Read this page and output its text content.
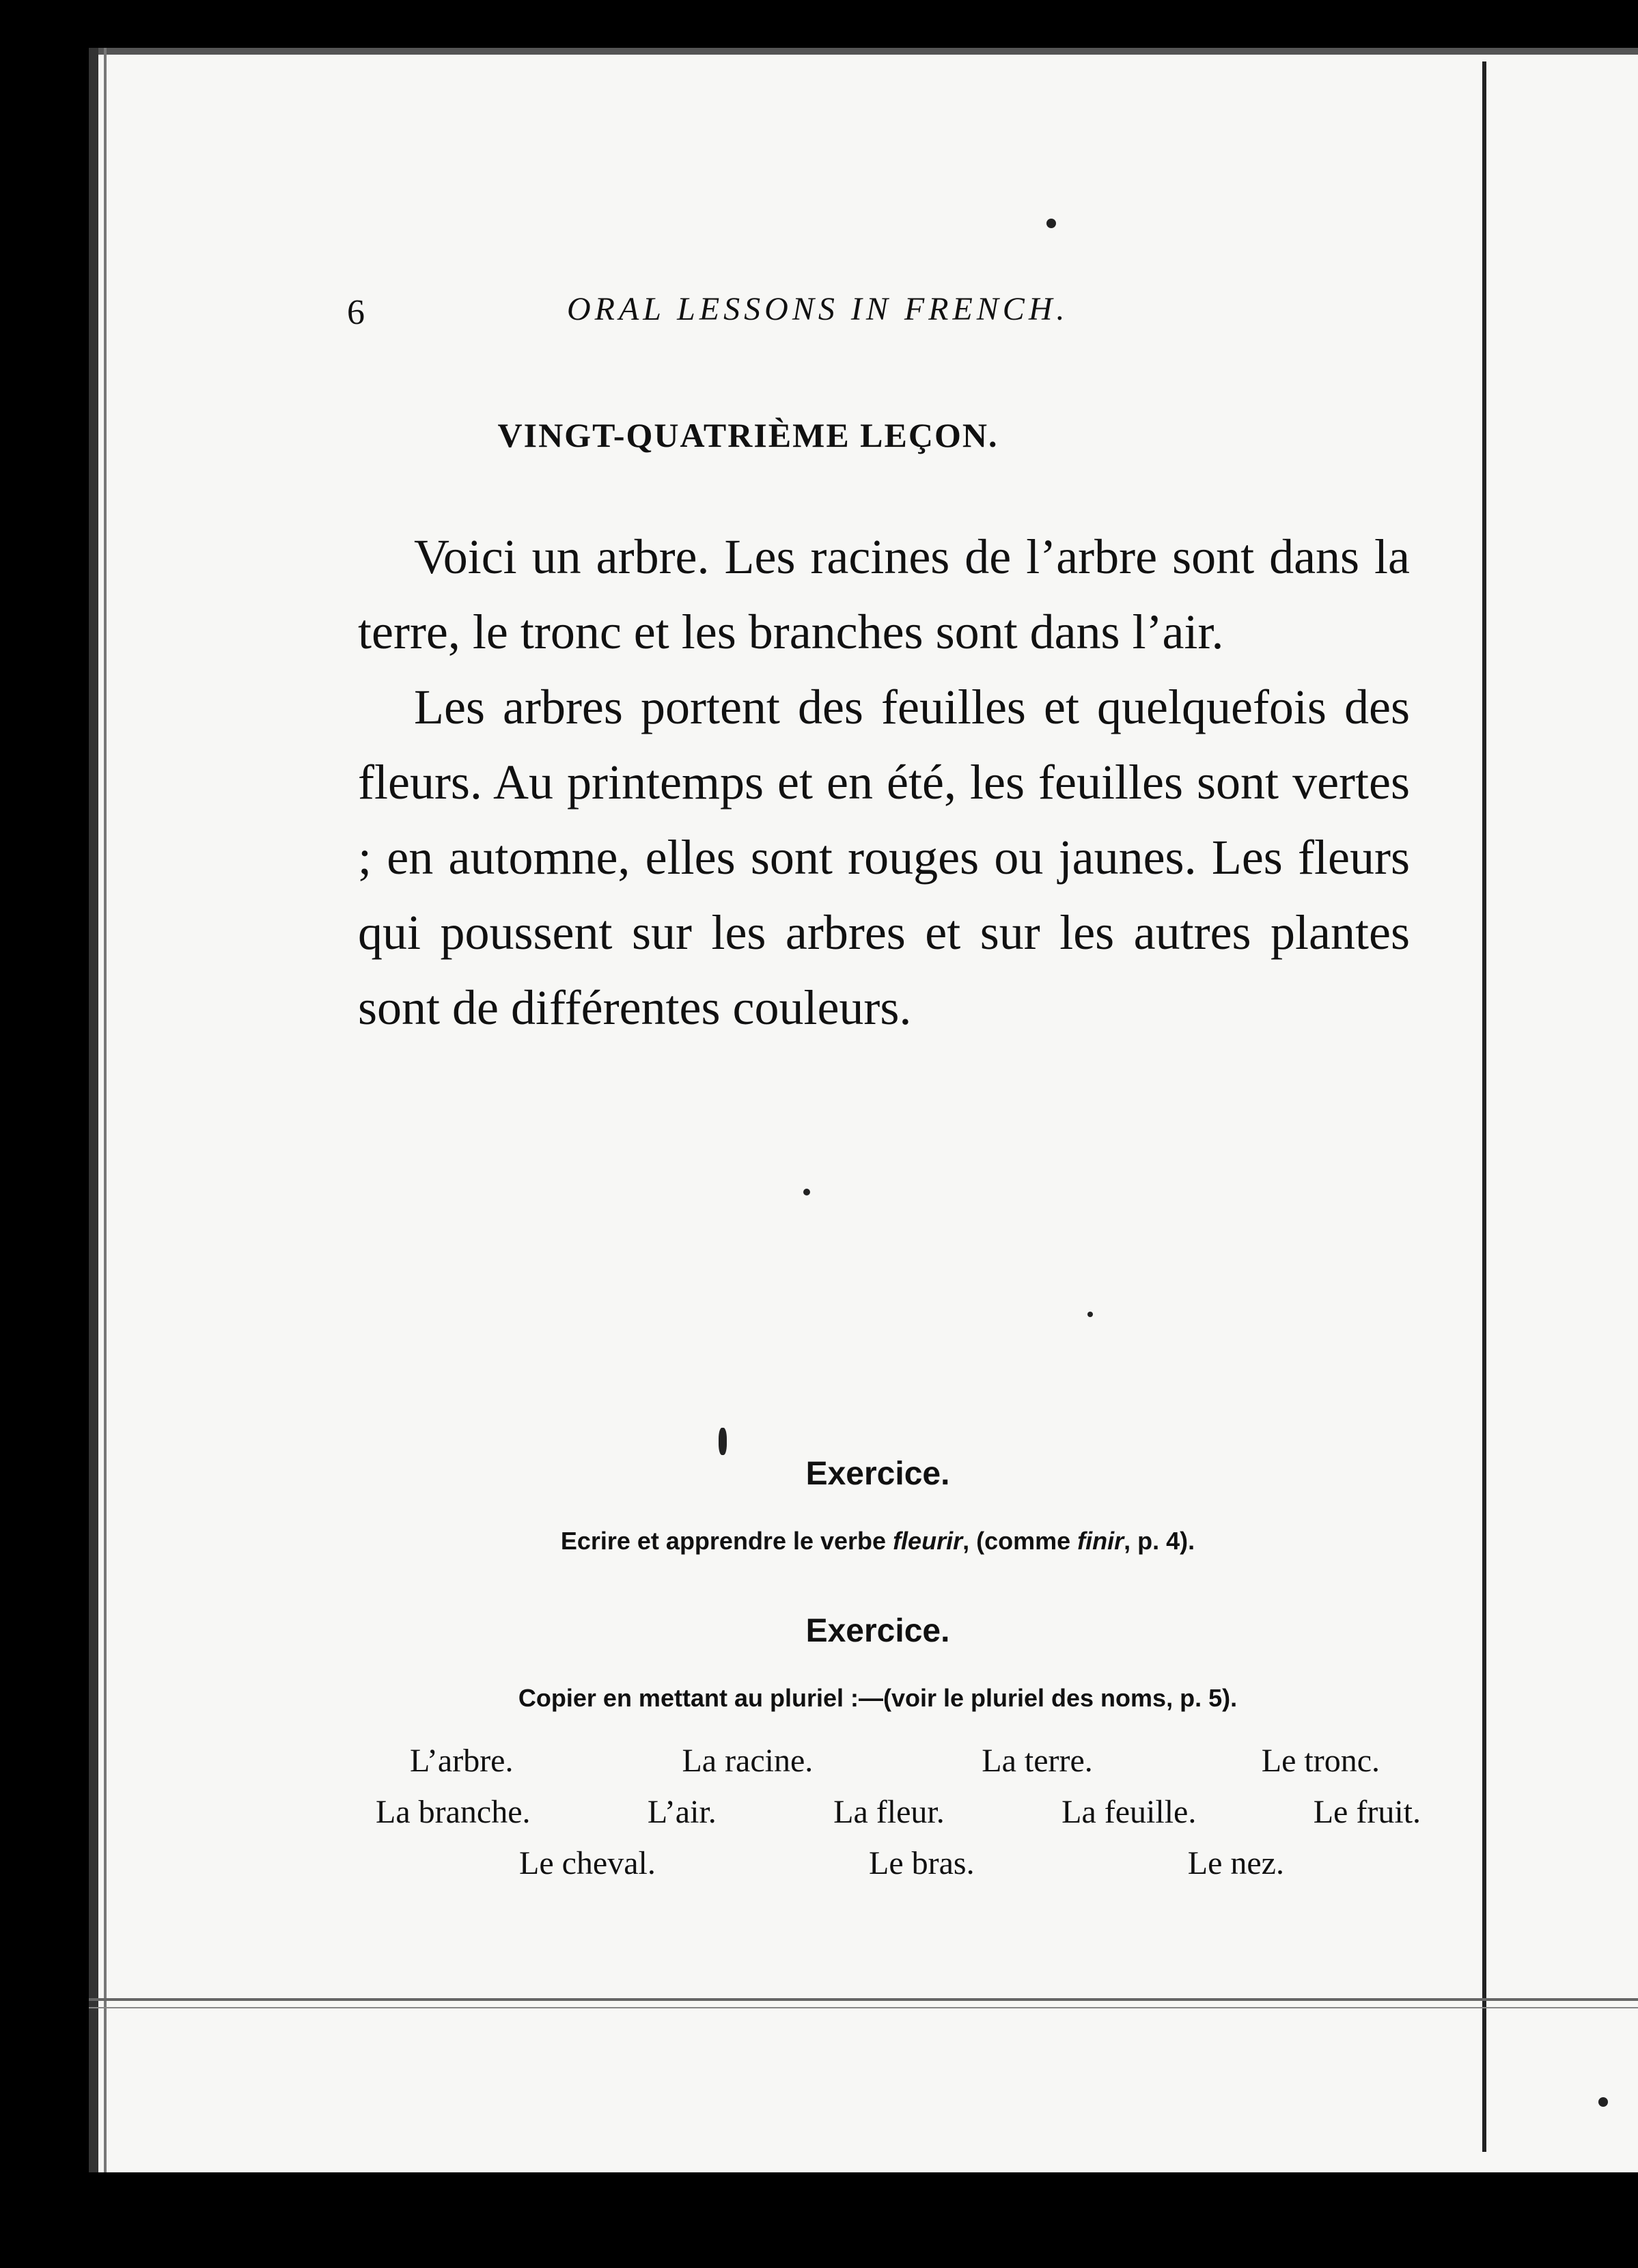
6	ORAL LESSONS IN FRENCH.
VINGT-QUATRIÈME LEÇON.

Voici un arbre. Les racines de l’arbre sont dans la terre, le tronc et les branches sont dans l’air.

Les arbres portent des feuilles et quelquefois des fleurs. Au printemps et en été, les feuilles sont vertes ; en automne, elles sont rouges ou jaunes. Les fleurs qui poussent sur les arbres et sur les autres plantes sont de différentes couleurs.

Exercice.
Ecrire et apprendre le verbe fleurir, (comme finir, p. 4).
Exercice.
Copier en mettant au pluriel :—(voir le pluriel des noms, p. 5).
L’arbre.	La racine.	La terre.	Le tronc.
La branche.	L’air.	La fleur.	La feuille.	Le fruit.
Le cheval.	Le bras.	Le nez.
